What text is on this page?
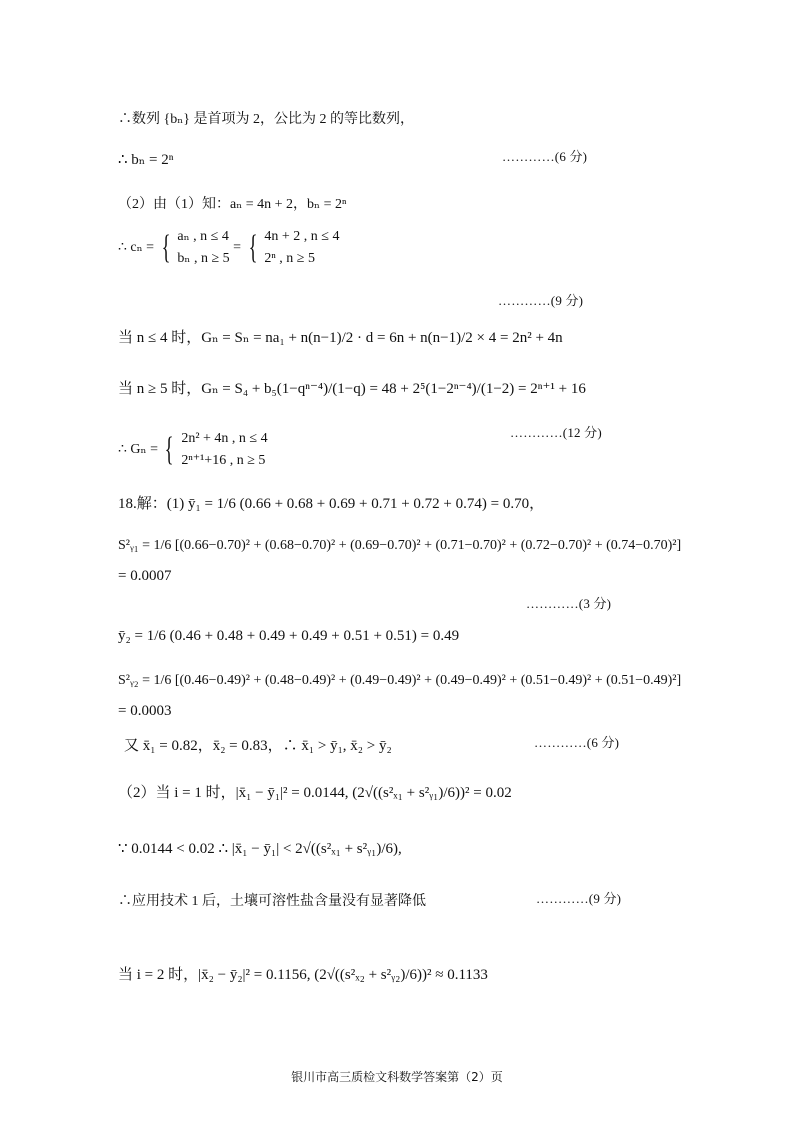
∴数列 {bₙ} 是首项为 2，公比为 2 的等比数列，
∴ bₙ = 2ⁿ	…………(6 分)
（2）由（1）知：aₙ = 4n + 2，bₙ = 2ⁿ
∴ cₙ = { aₙ , n ≤ 4
bₙ , n ≥ 5
= { 4n + 2 , n ≤ 4
2ⁿ , n ≥ 5
…………(9 分)
当 n ≤ 4 时，Gₙ = Sₙ = na₁ + n(n−1)/2 · d = 6n + n(n−1)/2 × 4 = 2n² + 4n
当 n ≥ 5 时，Gₙ = S₄ + b₅(1−qⁿ⁻⁴)/(1−q) = 48 + 2⁵(1−2ⁿ⁻⁴)/(1−2) = 2ⁿ⁺¹ + 16
…………(12 分)
∴ Gₙ = { 2n² + 4n , n ≤ 4
2ⁿ⁺¹+16 , n ≥ 5
18.解：(1) ȳ₁ = 1/6 (0.66 + 0.68 + 0.69 + 0.71 + 0.72 + 0.74) = 0.70，
S²ᵧ₁ = 1/6 [(0.66−0.70)² + (0.68−0.70)² + (0.69−0.70)² + (0.71−0.70)² + (0.72−0.70)² + (0.74−0.70)²]
= 0.0007
…………(3 分)
ȳ₂ = 1/6 (0.46 + 0.48 + 0.49 + 0.49 + 0.51 + 0.51) = 0.49
S²ᵧ₂ = 1/6 [(0.46−0.49)² + (0.48−0.49)² + (0.49−0.49)² + (0.49−0.49)² + (0.51−0.49)² + (0.51−0.49)²]
= 0.0003
又 x̄₁ = 0.82，x̄₂ = 0.83，∴ x̄₁ > ȳ₁, x̄₂ > ȳ₂	…………(6 分)
（2）当 i = 1 时，|x̄₁ − ȳ₁|² = 0.0144, (2√((s²ₓ₁ + s²ᵧ₁)/6))² = 0.02
∵ 0.0144 < 0.02 ∴ |x̄₁ − ȳ₁| < 2√((s²ₓ₁ + s²ᵧ₁)/6),
∴应用技术 1 后，土壤可溶性盐含量没有显著降低	…………(9 分)
当 i = 2 时，|x̄₂ − ȳ₂|² = 0.1156, (2√((s²ₓ₂ + s²ᵧ₂)/6))² ≈ 0.1133
银川市高三质检文科数学答案第（2）页
